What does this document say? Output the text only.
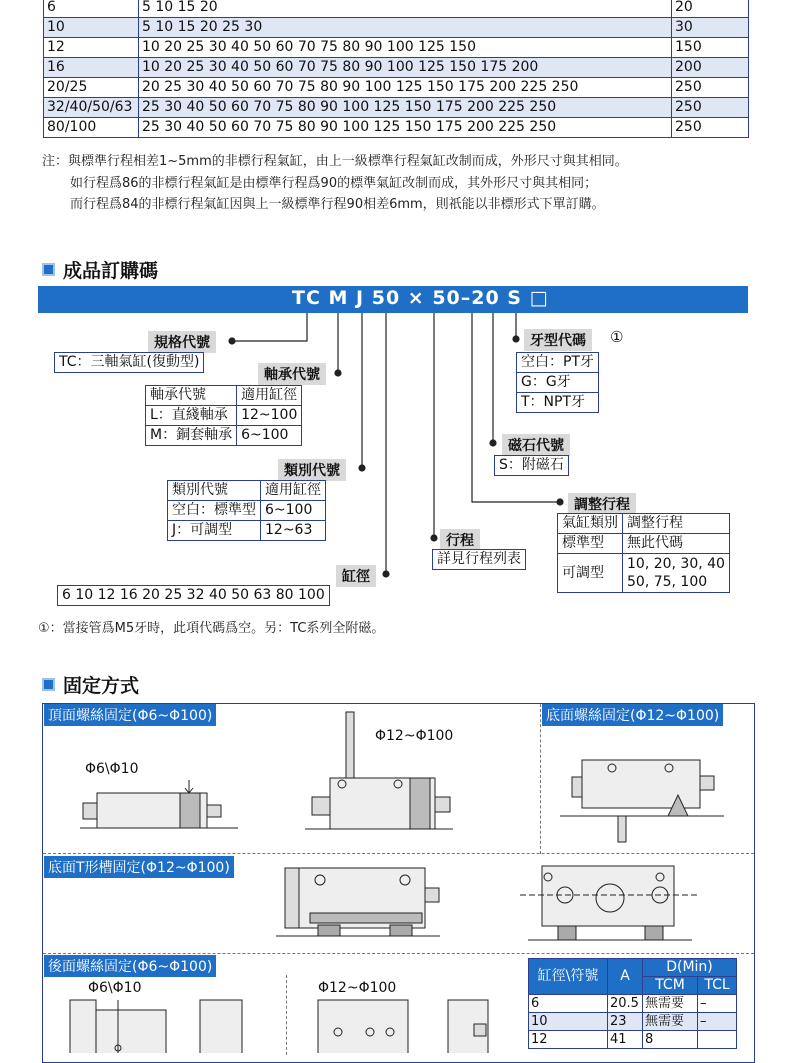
6	5 10 15 20	20
10	5 10 15 20 25 30	30
12	10 20 25 30 40 50 60 70 75 80 90 100 125 150	150
16	10 20 25 30 40 50 60 70 75 80 90 100 125 150 175 200	200
20/25	20 25 30 40 50 60 70 75 80 90 100 125 150 175 200 225 250	250
32/40/50/63	25 30 40 50 60 70 75 80 90 100 125 150 175 200 225 250	250
80/100	25 30 40 50 60 70 75 80 90 100 125 150 175 200 225 250	250
注：與標準行程相差1~5mm的非標行程氣缸，由上一級標準行程氣缸改制而成，外形尺寸與其相同。
如行程爲86的非標行程氣缸是由標準行程爲90的標準氣缸改制而成，其外形尺寸與其相同；
而行程爲84的非標行程氣缸因與上一級標準行程90相差6mm，則祇能以非標形式下單訂購。
成品訂購碼
TC M J 50 × 50–20 S □
規格代號
TC：三軸氣缸(復動型)
軸承代號
軸承代號	適用缸徑
L：直綫軸承	12~100
M：銅套軸承	6~100
類別代號
類別代號	適用缸徑
空白：標準型	6~100
J：可調型	12~63
缸徑
6 10 12 16 20 25 32 40 50 63 80 100
行程
詳見行程列表
調整行程
氣缸類別	調整行程
標準型	無此代碼
可調型	10, 20, 30, 40
50, 75, 100
磁石代號
S：附磁石
牙型代碼	①
空白：PT牙
G：G牙
T：NPT牙
①：當接管爲M5牙時，此項代碼爲空。另：TC系列全附磁。
固定方式
頂面螺絲固定(Φ6~Φ100)	底面螺絲固定(Φ12~Φ100)
底面T形槽固定(Φ12~Φ100)
後面螺絲固定(Φ6~Φ100)
Φ6\Φ10
Φ12~Φ100
Φ6\Φ10	Φ12~Φ100
缸徑\符號	A	D(Min)	
		TCM	TCL
6	20.5	無需要	–
10	23	無需要	–
12	41	8	
